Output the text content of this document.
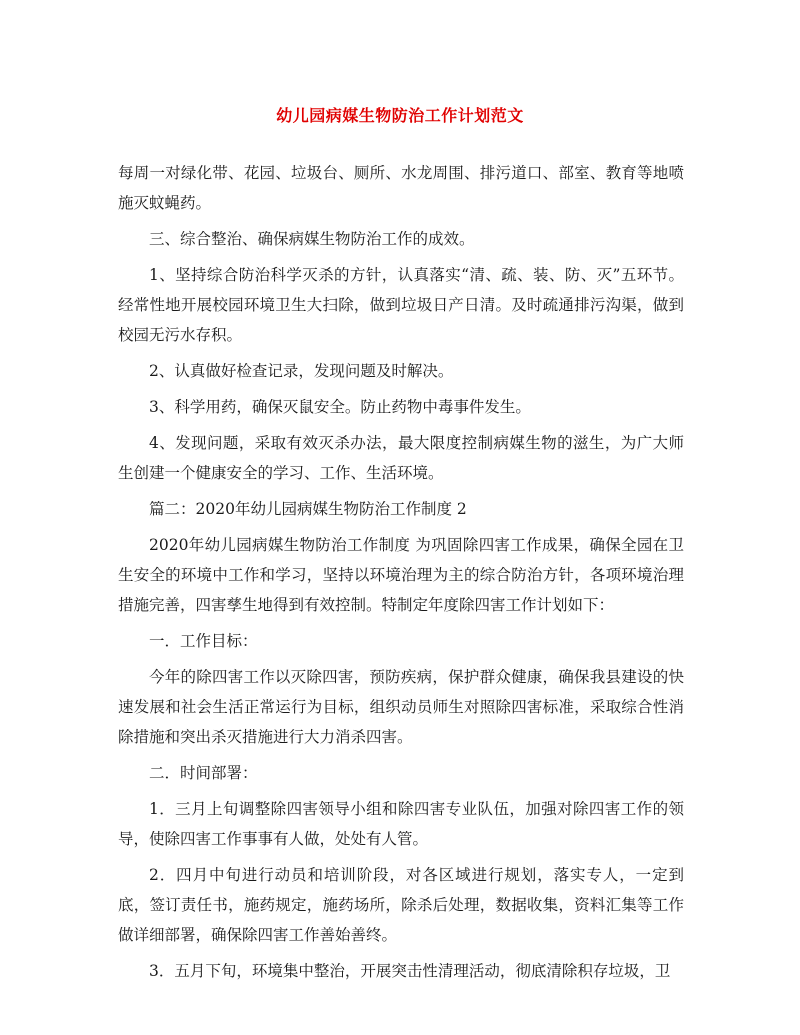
幼儿园病媒生物防治工作计划范文

每周一对绿化带、花园、垃圾台、厕所、水龙周围、排污道口、部室、教育等地喷施灭蚊蝇药。

三、综合整治、确保病媒生物防治工作的成效。

1、坚持综合防治科学灭杀的方针，认真落实“清、疏、装、防、灭”五环节。经常性地开展校园环境卫生大扫除，做到垃圾日产日清。及时疏通排污沟渠，做到校园无污水存积。

2、认真做好检查记录，发现问题及时解决。

3、科学用药，确保灭鼠安全。防止药物中毒事件发生。

4、发现问题，采取有效灭杀办法，最大限度控制病媒生物的滋生，为广大师生创建一个健康安全的学习、工作、生活环境。

篇二：2020年幼儿园病媒生物防治工作制度 2

2020年幼儿园病媒生物防治工作制度 为巩固除四害工作成果，确保全园在卫生安全的环境中工作和学习，坚持以环境治理为主的综合防治方针，各项环境治理措施完善，四害孳生地得到有效控制。特制定年度除四害工作计划如下：

一．工作目标：

今年的除四害工作以灭除四害，预防疾病，保护群众健康，确保我县建设的快速发展和社会生活正常运行为目标，组织动员师生对照除四害标准，采取综合性消除措施和突出杀灭措施进行大力消杀四害。

二．时间部署：

1．三月上旬调整除四害领导小组和除四害专业队伍，加强对除四害工作的领导，使除四害工作事事有人做，处处有人管。

2．四月中旬进行动员和培训阶段，对各区域进行规划，落实专人，一定到底，签订责任书，施药规定，施药场所，除杀后处理，数据收集，资料汇集等工作做详细部署，确保除四害工作善始善终。

3．五月下旬，环境集中整治，开展突击性清理活动，彻底清除积存垃圾，卫
